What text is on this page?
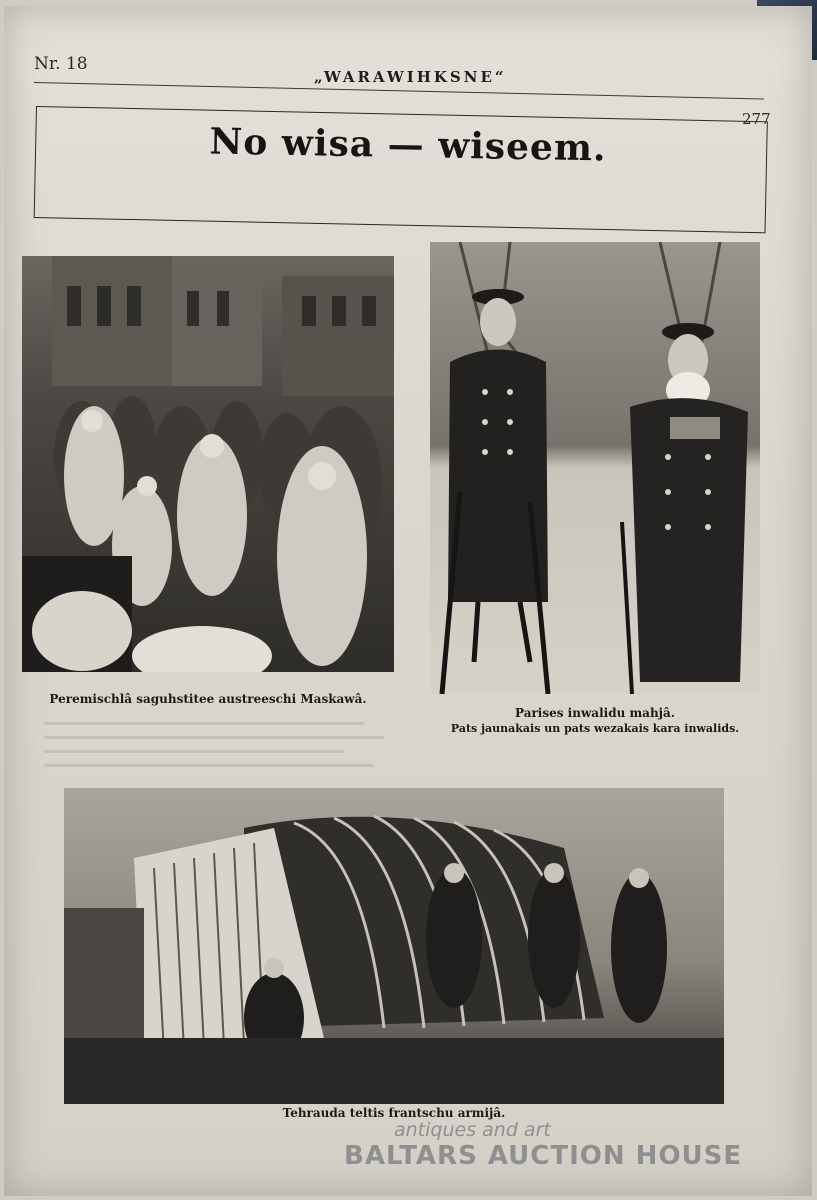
Nr. 18
„WARAWIHKSNE“
277
No wisa — wiseem.
Peremischlâ saguhstitee austreeschi Maskawâ.
Parises inwalidu mahjâ.
Pats jaunakais un pats wezakais kara inwalids.
Tehrauda teltis frantschu armijâ.
antiques and art
BALTARS AUCTION HOUSE
